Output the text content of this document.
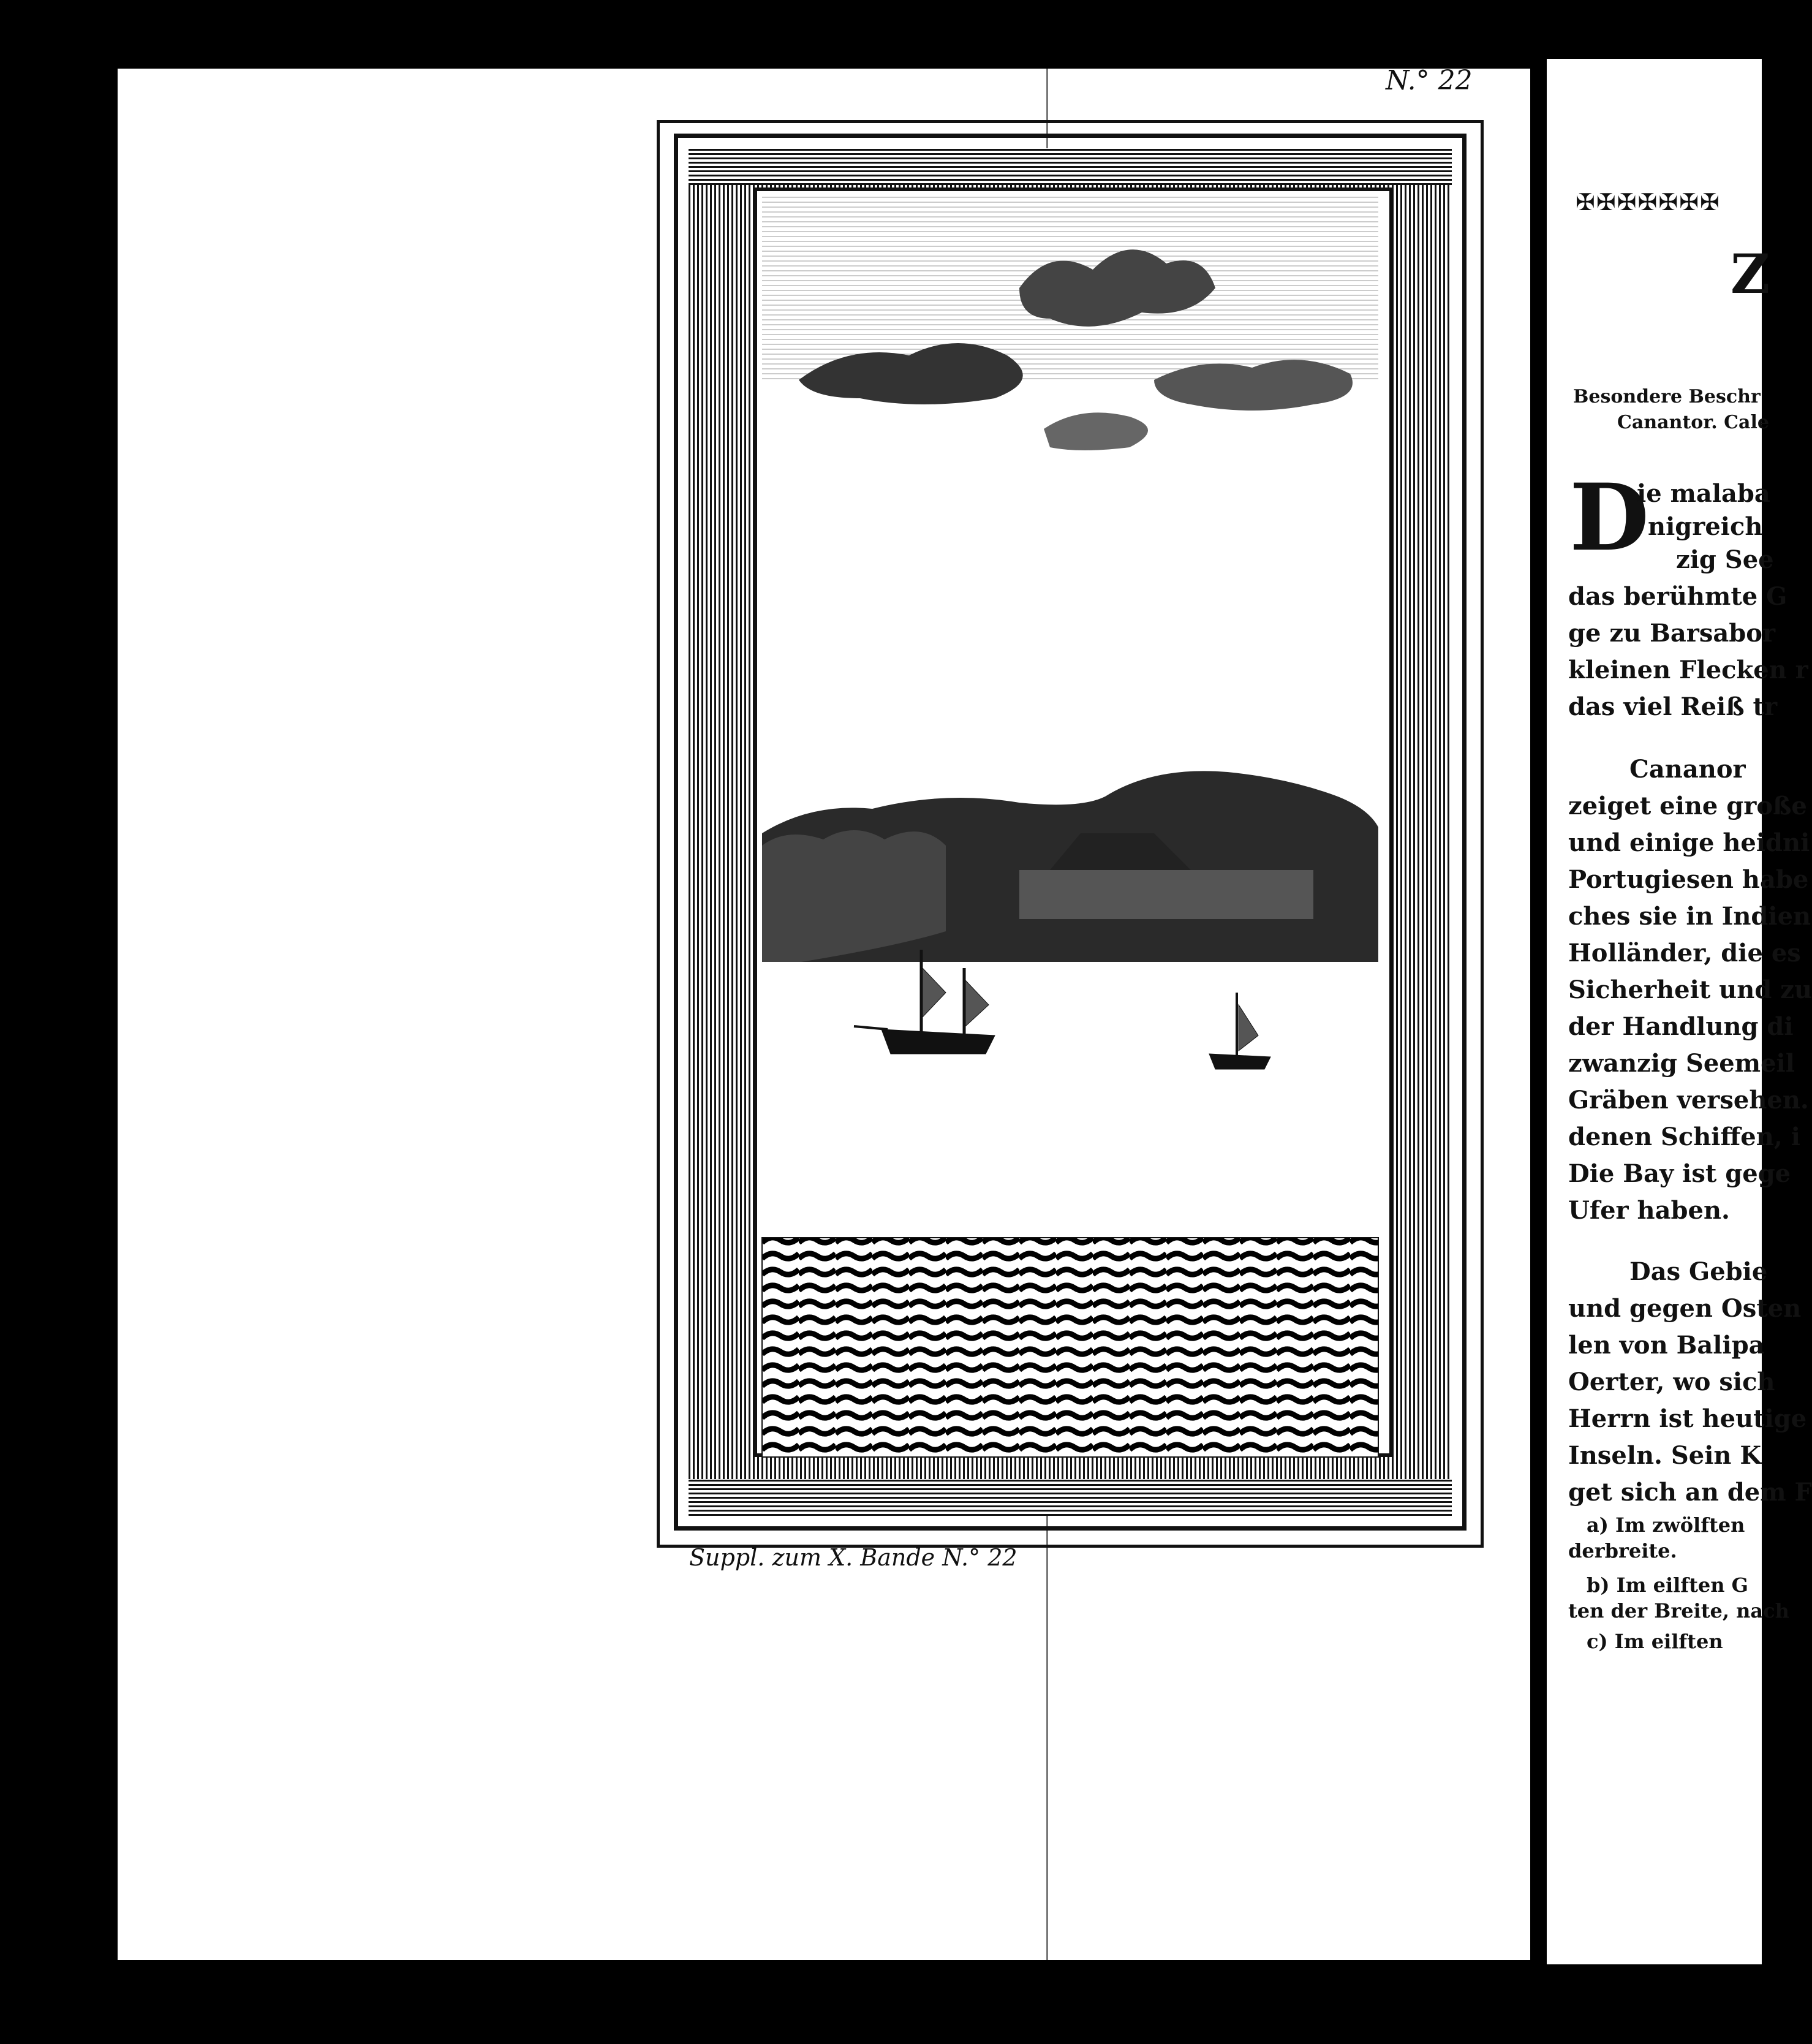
N.° 22
Suppl. zum X. Bande N.° 22
✠✠✠✠✠✠✠
Z
Besondere Beschr
Canantor. Cale
D
ie malaba
nigreich
zig See
das berühmte G
ge zu Barsabor
kleinen Flecken r
das viel Reiß tr
Cananor
zeiget eine große
und einige heidni
Portugiesen habe
ches sie in Indien
Holländer, die es
Sicherheit und zu
der Handlung di
zwanzig Seemeil
Gräben versehen.
denen Schiffen, i
Die Bay ist gege
Ufer haben.
Das Gebie
und gegen Osten
len von Balipa
Oerter, wo sich
Herrn ist heutige
Inseln. Sein K
get sich an dem F
a) Im zwölften
derbreite.
b) Im eilften G
ten der Breite, nach
c) Im eilften
